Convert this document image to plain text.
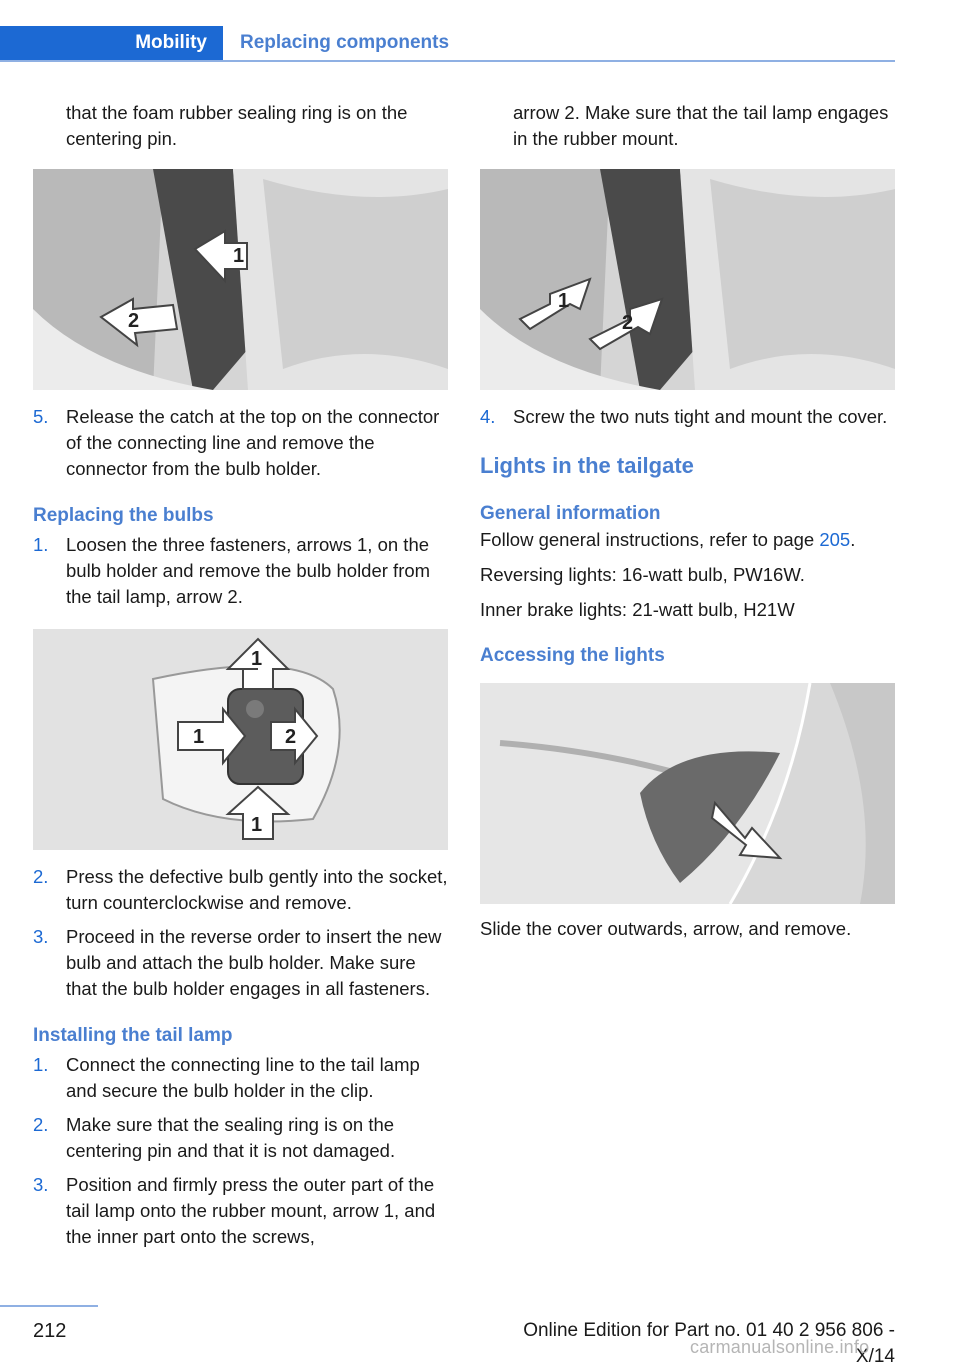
Mobility	Replacing components

that the foam rubber sealing ring is on the centering pin.

1
2
5. Release the catch at the top on the connector of the connecting line and remove the connector from the bulb holder.

Replacing the bulbs

1. Loosen the three fasteners, arrows 1, on the bulb holder and remove the bulb holder from the tail lamp, arrow 2.

1
1	2
1
2. Press the defective bulb gently into the socket, turn counterclockwise and remove.

3. Proceed in the reverse order to insert the new bulb and attach the bulb holder. Make sure that the bulb holder engages in all fasteners.

Installing the tail lamp

1. Connect the connecting line to the tail lamp and secure the bulb holder in the clip.

2. Make sure that the sealing ring is on the centering pin and that it is not damaged.

3. Position and firmly press the outer part of the tail lamp onto the rubber mount, arrow 1, and the inner part onto the screws,

arrow 2. Make sure that the tail lamp engages in the rubber mount.

1
2
4. Screw the two nuts tight and mount the cover.

Lights in the tailgate

General information

Follow general instructions, refer to page 205.

Reversing lights: 16-watt bulb, PW16W.

Inner brake lights: 21-watt bulb, H21W

Accessing the lights

Slide the cover outwards, arrow, and remove.

212	Online Edition for Part no. 01 40 2 956 806 - X/14
carmanualsonline.info
